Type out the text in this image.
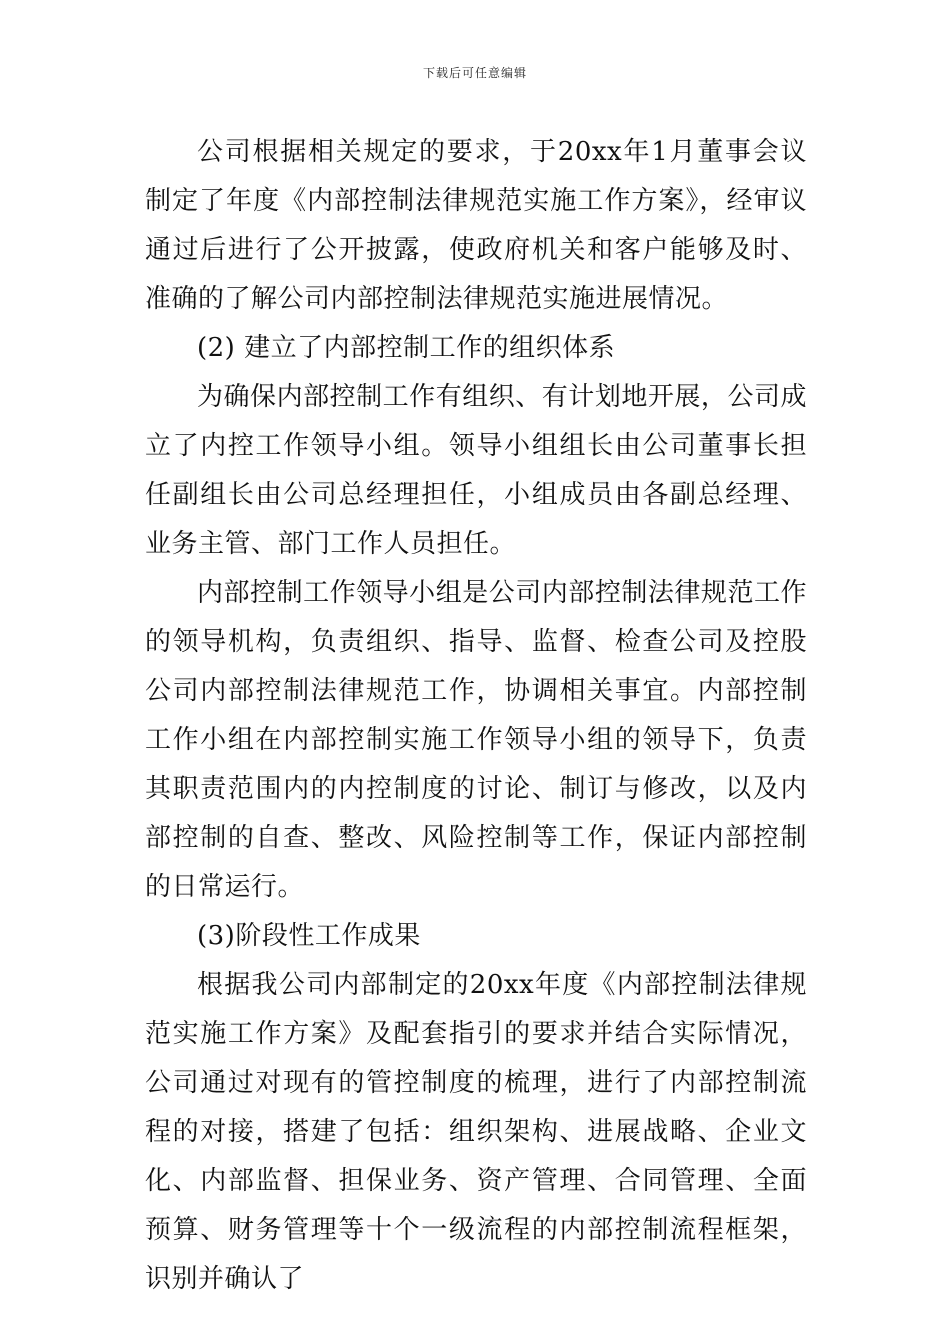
下载后可任意编辑

公司根据相关规定的要求，于20xx年1月董事会议制定了年度《内部控制法律规范实施工作方案》，经审议通过后进行了公开披露，使政府机关和客户能够及时、准确的了解公司内部控制法律规范实施进展情况。

(2) 建立了内部控制工作的组织体系

为确保内部控制工作有组织、有计划地开展，公司成立了内控工作领导小组。领导小组组长由公司董事长担任副组长由公司总经理担任，小组成员由各副总经理、业务主管、部门工作人员担任。

内部控制工作领导小组是公司内部控制法律规范工作的领导机构，负责组织、指导、监督、检查公司及控股公司内部控制法律规范工作，协调相关事宜。内部控制工作小组在内部控制实施工作领导小组的领导下，负责其职责范围内的内控制度的讨论、制订与修改，以及内部控制的自查、整改、风险控制等工作，保证内部控制的日常运行。

(3)阶段性工作成果

根据我公司内部制定的20xx年度《内部控制法律规范实施工作方案》及配套指引的要求并结合实际情况，公司通过对现有的管控制度的梳理，进行了内部控制流程的对接，搭建了包括：组织架构、进展战略、企业文化、内部监督、担保业务、资产管理、合同管理、全面预算、财务管理等十个一级流程的内部控制流程框架，识别并确认了
